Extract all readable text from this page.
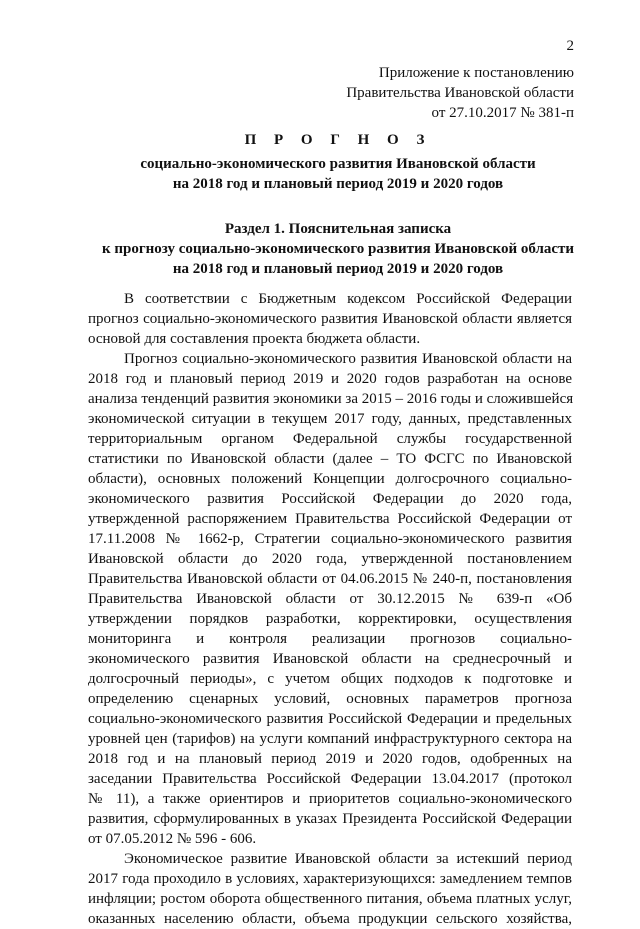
2
Приложение к постановлению
Правительства Ивановской области
от 27.10.2017 № 381-п
П Р О Г Н О З
социально-экономического развития Ивановской области
на 2018 год и плановый период 2019 и 2020 годов
Раздел 1. Пояснительная записка
к прогнозу социально-экономического развития Ивановской области
на 2018 год и плановый период 2019 и 2020 годов

В соответствии с Бюджетным кодексом Российской Федерации
прогноз социально-экономического развития Ивановской области является
основой для составления проекта бюджета области.

Прогноз социально-экономического развития Ивановской области на
2018 год и плановый период 2019 и 2020 годов разработан на основе
анализа тенденций развития экономики за 2015 – 2016 годы и сложившейся
экономической ситуации в текущем 2017 году, данных, представленных
территориальным органом Федеральной службы государственной
статистики по Ивановской области (далее – ТО ФСГС по Ивановской
области), основных положений Концепции долгосрочного социально-
экономического развития Российской Федерации до 2020 года,
утвержденной распоряжением Правительства Российской Федерации от
17.11.2008 № 1662-р, Стратегии социально-экономического развития
Ивановской области до 2020 года, утвержденной постановлением
Правительства Ивановской области от 04.06.2015 № 240-п, постановления
Правительства Ивановской области от 30.12.2015 № 639-п «Об
утверждении порядков разработки, корректировки, осуществления
мониторинга и контроля реализации прогнозов социально-
экономического развития Ивановской области на среднесрочный и
долгосрочный периоды», с учетом общих подходов к подготовке и
определению сценарных условий, основных параметров прогноза
социально-экономического развития Российской Федерации и предельных
уровней цен (тарифов) на услуги компаний инфраструктурного сектора на
2018 год и на плановый период 2019 и 2020 годов, одобренных на
заседании Правительства Российской Федерации 13.04.2017 (протокол
№ 11), а также ориентиров и приоритетов социально-экономического
развития, сформулированных в указах Президента Российской Федерации
от 07.05.2012 № 596 - 606.

Экономическое развитие Ивановской области за истекший период
2017 года проходило в условиях, характеризующихся: замедлением темпов
инфляции; ростом оборота общественного питания, объема платных услуг,
оказанных населению области, объема продукции сельского хозяйства,
